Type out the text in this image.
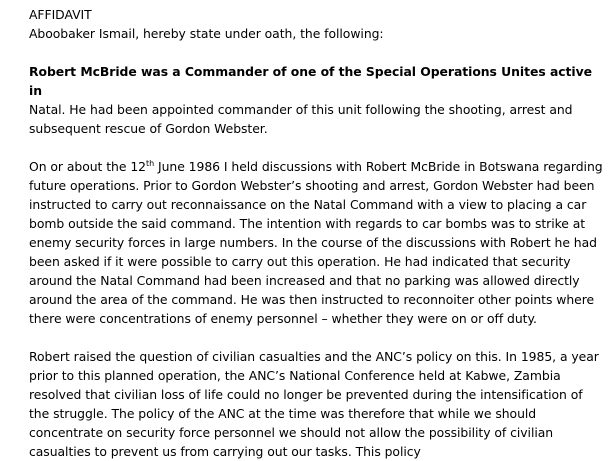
AFFIDAVIT

Aboobaker Ismail, hereby state under oath, the following:

Robert McBride was a Commander of one of the Special Operations Unites active in
Natal. He had been appointed commander of this unit following the shooting, arrest and subsequent rescue of Gordon Webster.

On or about the 12th June 1986 I held discussions with Robert McBride in Botswana regarding future operations. Prior to Gordon Webster’s shooting and arrest, Gordon Webster had been instructed to carry out reconnaissance on the Natal Command with a view to placing a car bomb outside the said command. The intention with regards to car bombs was to strike at enemy security forces in large numbers. In the course of the discussions with Robert he had been asked if it were possible to carry out this operation. He had indicated that security around the Natal Command had been increased and that no parking was allowed directly around the area of the command. He was then instructed to reconnoiter other points where there were concentrations of enemy personnel – whether they were on or off duty.

Robert raised the question of civilian casualties and the ANC’s policy on this. In 1985, a year prior to this planned operation, the ANC’s National Conference held at Kabwe, Zambia resolved that civilian loss of life could no longer be prevented during the intensification of the struggle. The policy of the ANC at the time was therefore that while we should concentrate on security force personnel we should not allow the possibility of civilian casualties to prevent us from carrying out our tasks. This policy
